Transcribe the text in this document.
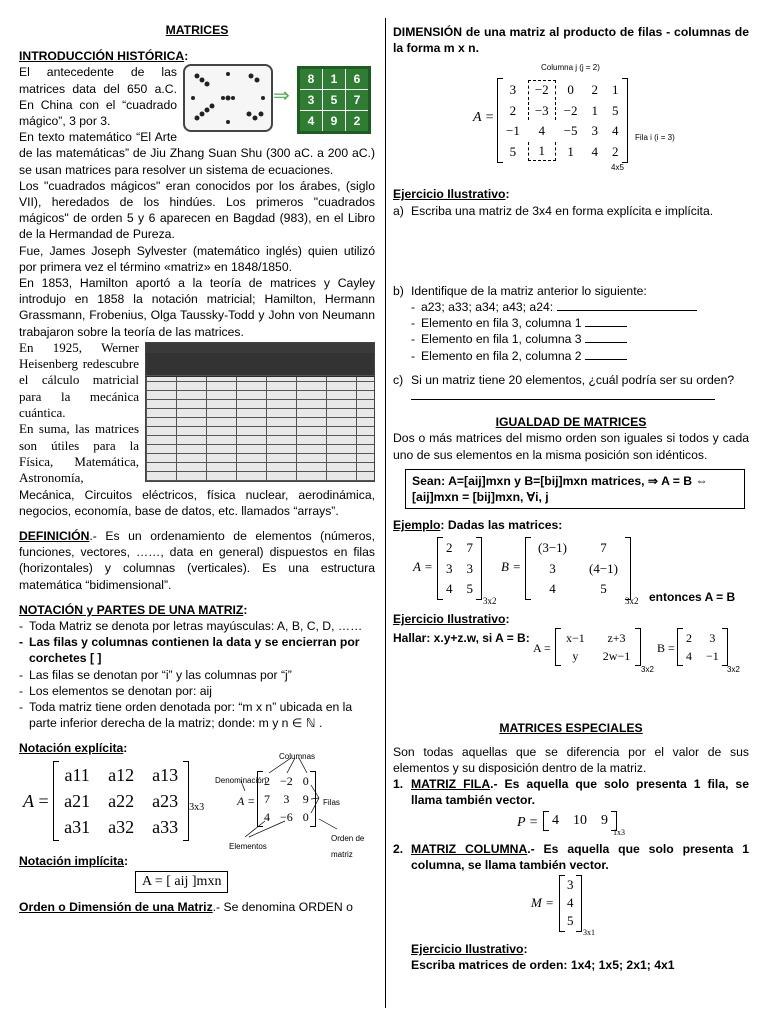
MATRICES

INTRODUCCIÓN HISTÓRICA:

⇒
8	1	6
3	5	7
4	9	2

El antecedente de las matrices data del 650 a.C. En China con el “cuadrado mágico”, 3 por 3.

En texto matemático “El Arte de las matemáticas” de Jiu Zhang Suan Shu (300 aC. a 200 aC.) se usan matrices para resolver un sistema de ecuaciones.

Los "cuadrados mágicos" eran conocidos por los árabes, (siglo VII), heredados de los hindúes. Los primeros "cuadrados mágicos" de orden 5 y 6 aparecen en Bagdad (983), en el Libro de la Hermandad de Pureza.

Fue, James Joseph Sylvester (matemático inglés) quien utilizó por primera vez el término «matriz» en 1848/1850.

En 1853, Hamilton aportó a la teoría de matrices y Cayley introdujo en 1858 la notación matricial; Hamilton, Hermann Grassmann, Frobenius, Olga Taussky-Todd y John von Neumann trabajaron sobre la teoría de las matrices.

En 1925, Werner Heisenberg redescubre el cálculo matricial para la mecánica cuántica.

En suma, las matrices son útiles para la Física, Matemática, Astronomía,

Mecánica, Circuitos eléctricos, física nuclear, aerodinámica, negocios, economía, base de datos, etc. llamados “arrays”.

DEFINICIÓN.- Es un ordenamiento de elementos (números, funciones, vectores, ……, data en general) dispuestos en filas (horizontales) y columnas (verticales). Es una estructura matemática “bidimensional”.

NOTACIÓN y PARTES DE UNA MATRIZ:

- Toda Matriz se denota por letras mayúsculas: A, B, C, D, ……
- Las filas y columnas contienen la data y se encierran por corchetes [ ]
- Las filas se denotan por “i” y las columnas por “j”
- Los elementos se denotan por: aij
- Toda matriz tiene orden denotada por: “m x n” ubicada en la parte inferior derecha de la matriz; donde: m y n ∈ ℕ .

Notación explícita:

A =
a11	a12	a13
a21	a22	a23
a31	a32	a33
$_{3x3}$
Columnas
Denominación
Filas
Elementos
Orden de matriz
A =
2	−2	0
7	3	9
4	−6	0

Notación implícita:

A = [ aij ]mxn

Orden o Dimensión de una Matriz.- Se denomina ORDEN o

DIMENSIÓN de una matriz al producto de filas - columnas de la forma m x n.

Columna j (j = 2)
Fila i (i = 3)
A =
3	−2	0	2	1
2	−3	−2	1	5
−1	4	−5	3	4
5	1	1	4	2
4x5

Ejercicio Ilustrativo:

a) Escriba una matriz de 3x4 en forma explícita e implícita.

b) Identifique de la matriz anterior lo siguiente:

- a23; a33; a34; a43; a24:
- Elemento en fila 3, columna 1
- Elemento en fila 1, columna 3
- Elemento en fila 2, columna 2

c) Si un matriz tiene 20 elementos, ¿cuál podría ser su orden?

IGUALDAD DE MATRICES

Dos o más matrices del mismo orden son iguales si todos y cada uno de sus elementos en la misma posición son idénticos.

Sean: A=[aij]mxn y B=[bij]mxn matrices, ⇒ A = B ⇔ [aij]mxn = [bij]mxn, ∀i, j

Ejemplo: Dadas las matrices:

A =
2	7
3	3
4	5
3x2
B =
(3−1)	7
3	(4−1)
4	5
3x2 entonces A = B

Ejercicio Ilustrativo:

Hallar: x.y+z.w, si A = B:
A =
x−1	z+3
y	2w−1
3x2
B =
2	3
4	−1
3x2

MATRICES ESPECIALES

Son todas aquellas que se diferencia por el valor de sus elementos y su disposición dentro de la matriz.

1. MATRIZ FILA.- Es aquella que solo presenta 1 fila, se llama también vector.

P = 4	10	9
1x3

2. MATRIZ COLUMNA.- Es aquella que solo presenta 1 columna, se llama también vector.

M =
3
4
5
3x1

Ejercicio Ilustrativo:

Escriba matrices de orden: 1x4; 1x5; 2x1; 4x1
